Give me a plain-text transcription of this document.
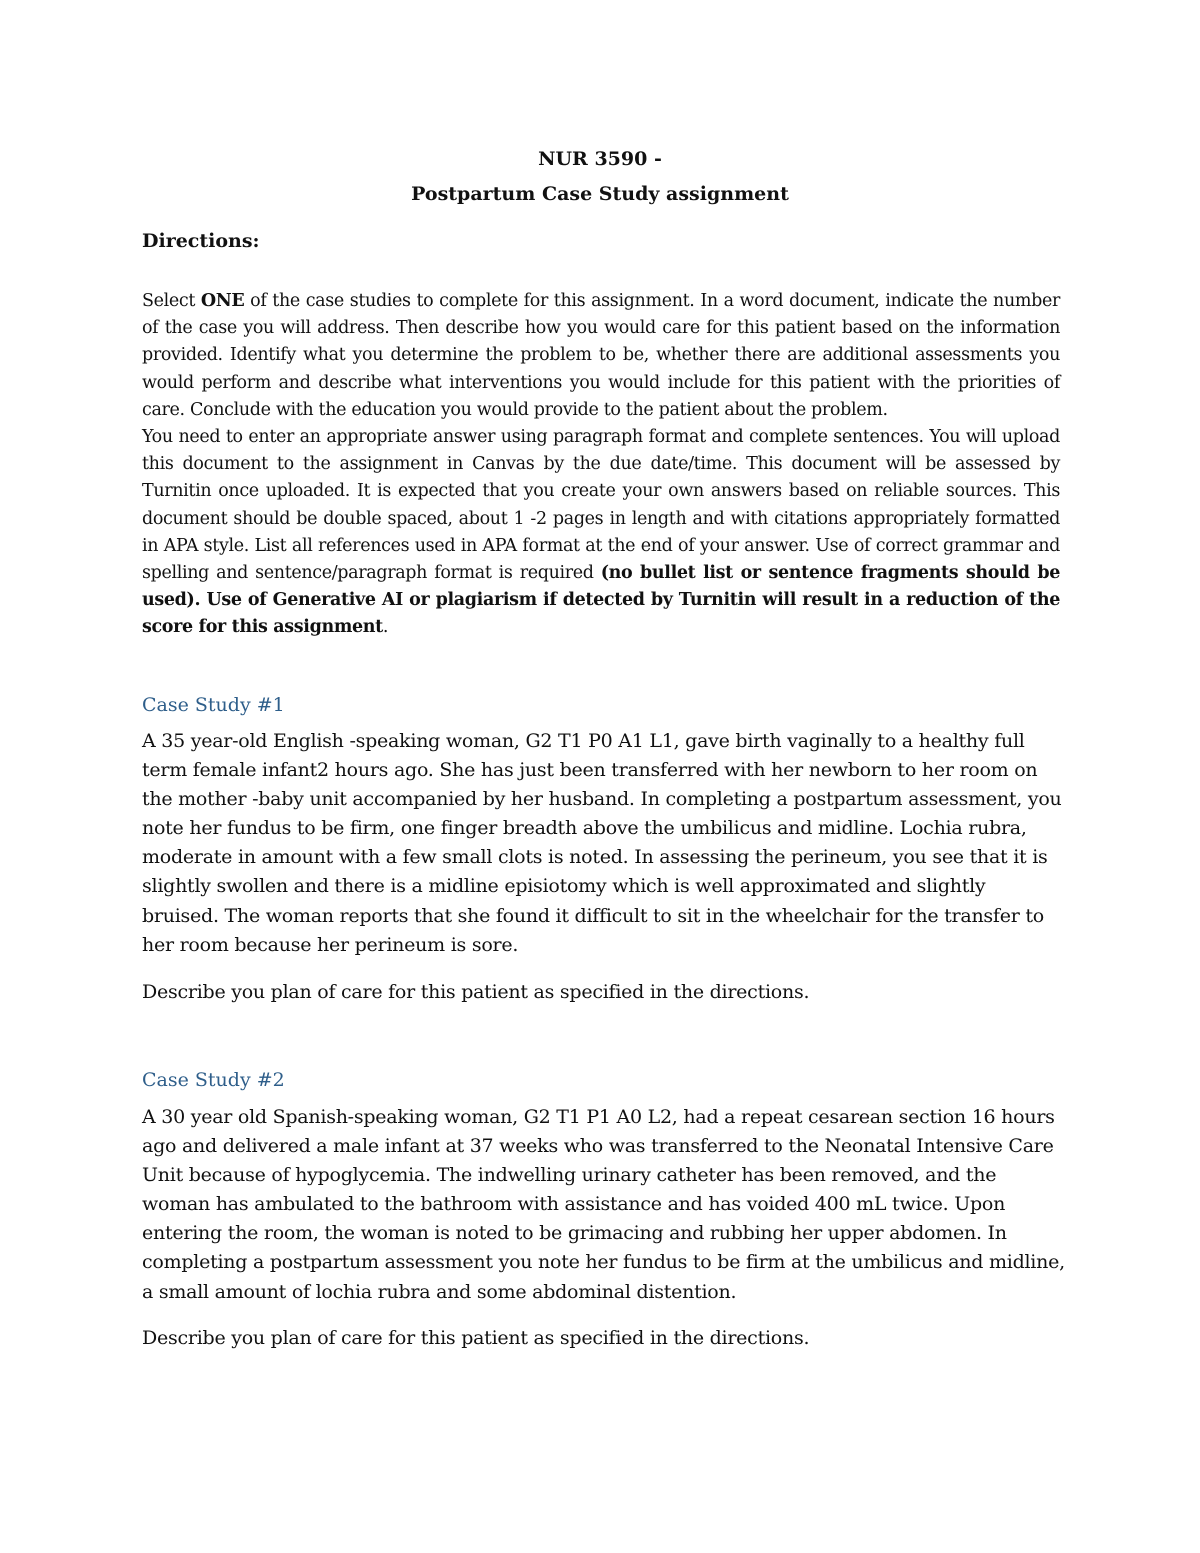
NUR 3590 -
Postpartum Case Study assignment
Directions:

Select ONE of the case studies to complete for this assignment. In a word document, indicate the number of the case you will address. Then describe how you would care for this patient based on the information provided. Identify what you determine the problem to be, whether there are additional assessments you would perform and describe what interventions you would include for this patient with the priorities of care. Conclude with the education you would provide to the patient about the problem.

You need to enter an appropriate answer using paragraph format and complete sentences. You will upload this document to the assignment in Canvas by the due date/time. This document will be assessed by Turnitin once uploaded. It is expected that you create your own answers based on reliable sources. This document should be double spaced, about 1 -2 pages in length and with citations appropriately formatted in APA style. List all references used in APA format at the end of your answer. Use of correct grammar and spelling and sentence/paragraph format is required (no bullet list or sentence fragments should be used). Use of Generative AI or plagiarism if detected by Turnitin will result in a reduction of the score for this assignment.

Case Study #1

A 35 year-old English -speaking woman, G2 T1 P0 A1 L1, gave birth vaginally to a healthy full term female infant2 hours ago. She has just been transferred with her newborn to her room on the mother -baby unit accompanied by her husband. In completing a postpartum assessment, you note her fundus to be firm, one finger breadth above the umbilicus and midline. Lochia rubra, moderate in amount with a few small clots is noted. In assessing the perineum, you see that it is slightly swollen and there is a midline episiotomy which is well approximated and slightly bruised. The woman reports that she found it difficult to sit in the wheelchair for the transfer to her room because her perineum is sore.

Describe you plan of care for this patient as specified in the directions.
Case Study #2

A 30 year old Spanish-speaking woman, G2 T1 P1 A0 L2, had a repeat cesarean section 16 hours ago and delivered a male infant at 37 weeks who was transferred to the Neonatal Intensive Care Unit because of hypoglycemia. The indwelling urinary catheter has been removed, and the woman has ambulated to the bathroom with assistance and has voided 400 mL twice. Upon entering the room, the woman is noted to be grimacing and rubbing her upper abdomen. In completing a postpartum assessment you note her fundus to be firm at the umbilicus and midline, a small amount of lochia rubra and some abdominal distention.

Describe you plan of care for this patient as specified in the directions.
